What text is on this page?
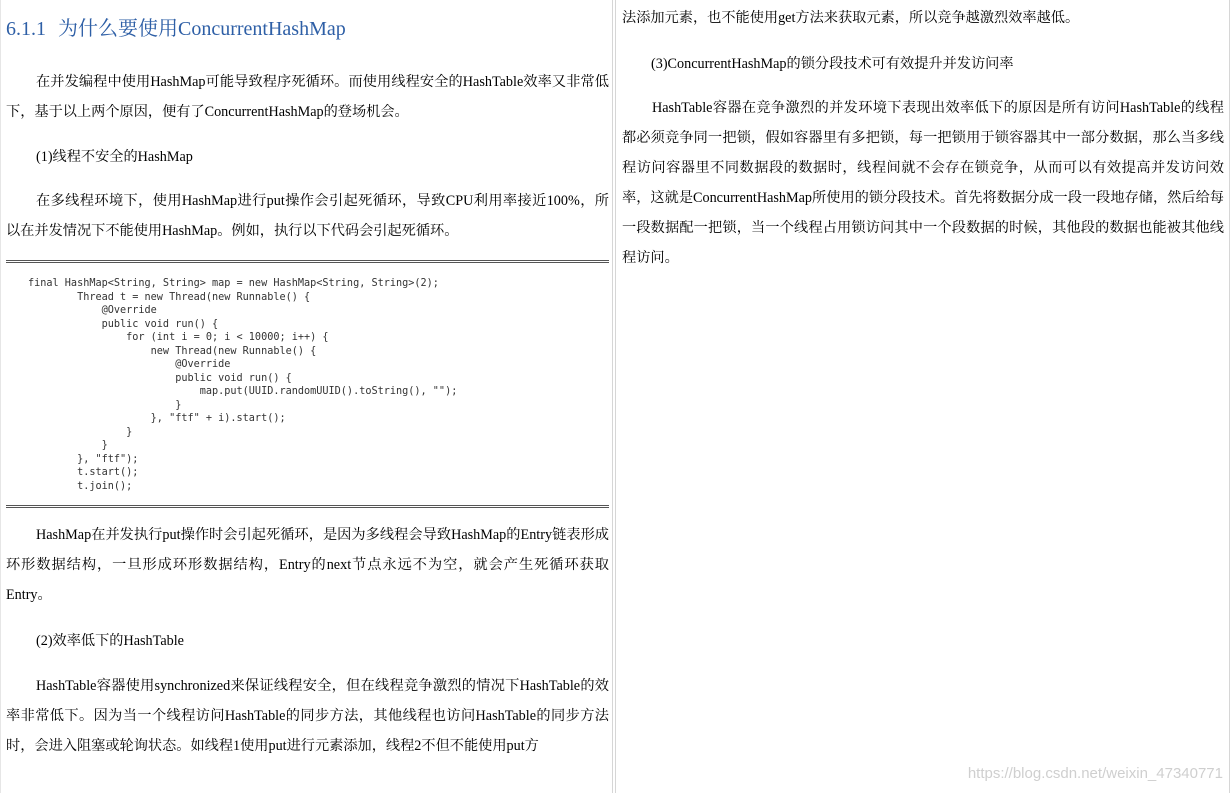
6.1.1 为什么要使用ConcurrentHashMap

在并发编程中使用HashMap可能导致程序死循环。而使用线程安全的HashTable效率又非常低下，基于以上两个原因，便有了ConcurrentHashMap的登场机会。

(1)线程不安全的HashMap

在多线程环境下，使用HashMap进行put操作会引起死循环，导致CPU利用率接近100%，所以在并发情况下不能使用HashMap。例如，执行以下代码会引起死循环。

final HashMap<String, String> map = new HashMap<String, String>(2);
Thread t = new Thread(new Runnable() {
@Override
public void run() {
for (int i = 0; i < 10000; i++) {
new Thread(new Runnable() {
@Override
public void run() {
map.put(UUID.randomUUID().toString(), "");
}
}, "ftf" + i).start();
}
}
}, "ftf");
t.start();
t.join();

HashMap在并发执行put操作时会引起死循环，是因为多线程会导致HashMap的Entry链表形成环形数据结构，一旦形成环形数据结构，Entry的next节点永远不为空，就会产生死循环获取Entry。

(2)效率低下的HashTable

HashTable容器使用synchronized来保证线程安全，但在线程竞争激烈的情况下HashTable的效率非常低下。因为当一个线程访问HashTable的同步方法，其他线程也访问HashTable的同步方法时，会进入阻塞或轮询状态。如线程1使用put进行元素添加，线程2不但不能使用put方

法添加元素，也不能使用get方法来获取元素，所以竞争越激烈效率越低。

(3)ConcurrentHashMap的锁分段技术可有效提升并发访问率

HashTable容器在竞争激烈的并发环境下表现出效率低下的原因是所有访问HashTable的线程都必须竞争同一把锁，假如容器里有多把锁，每一把锁用于锁容器其中一部分数据，那么当多线程访问容器里不同数据段的数据时，线程间就不会存在锁竞争，从而可以有效提高并发访问效率，这就是ConcurrentHashMap所使用的锁分段技术。首先将数据分成一段一段地存储，然后给每一段数据配一把锁，当一个线程占用锁访问其中一个段数据的时候，其他段的数据也能被其他线程访问。

https://blog.csdn.net/weixin_47340771
